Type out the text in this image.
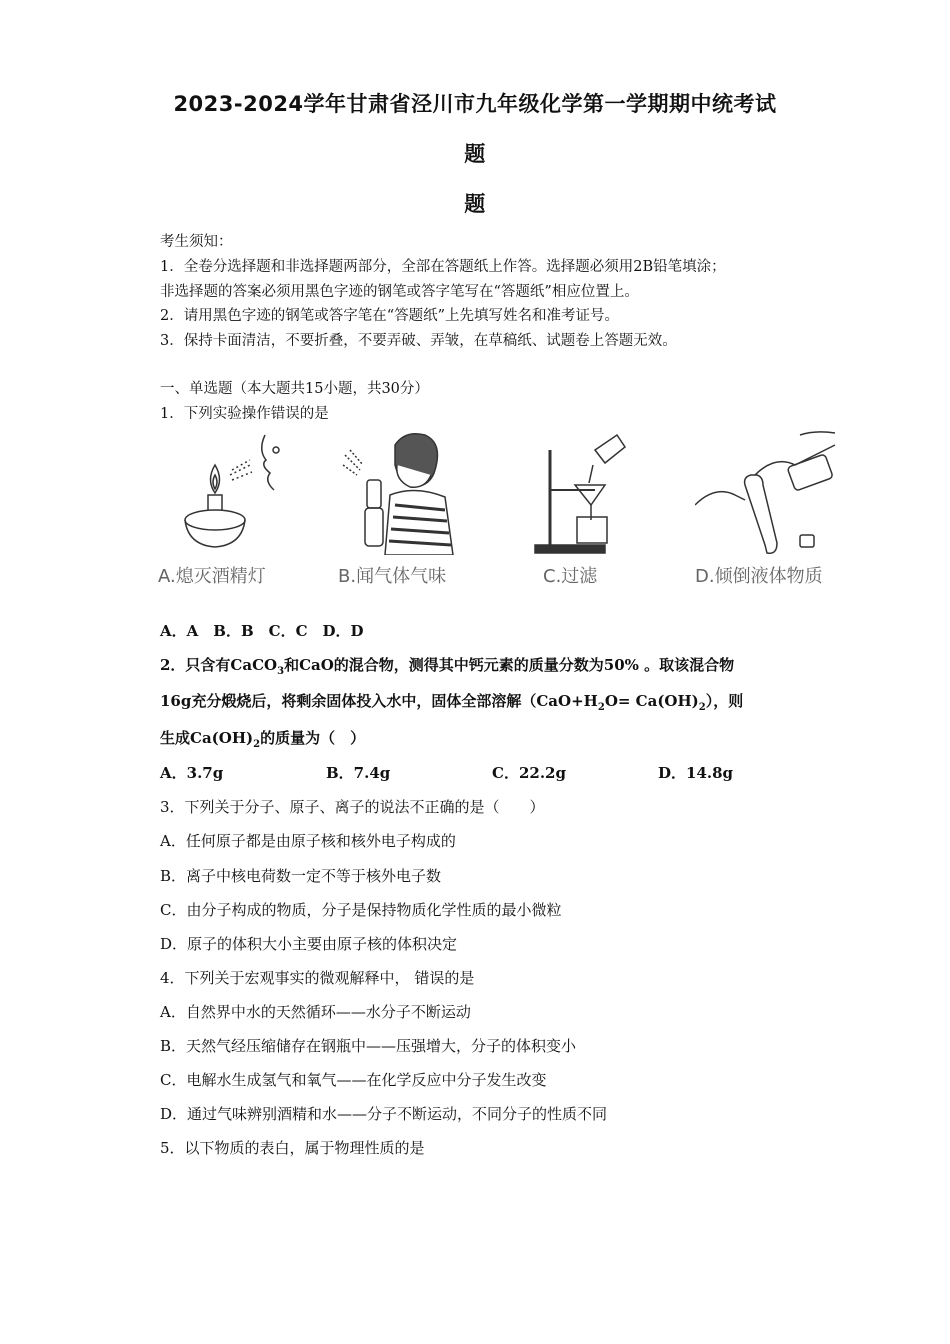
2023-2024学年甘肃省泾川市九年级化学第一学期期中统考试
题
题
考生须知：
1．全卷分选择题和非选择题两部分，全部在答题纸上作答。选择题必须用2B铅笔填涂；
非选择题的答案必须用黑色字迹的钢笔或答字笔写在“答题纸”相应位置上。
2．请用黑色字迹的钢笔或答字笔在“答题纸”上先填写姓名和准考证号。
3．保持卡面清洁，不要折叠，不要弄破、弄皱，在草稿纸、试题卷上答题无效。
一、单选题（本大题共15小题，共30分）
1．下列实验操作错误的是
A.熄灭酒精灯	B.闻气体气味	C.过滤	D.倾倒液体物质
A．A　B．B　C．C　D．D
2．只含有CaCO$_3$和CaO的混合物，测得其中钙元素的质量分数为50% 。取该混合物
16g充分煅烧后，将剩余固体投入水中，固体全部溶解$(CaO+H_2O= Ca(OH)_2)$，则
生成$Ca(OH)_2$的质量为（　）
A．3.7g	B．7.4g	C．22.2g	D．14.8g
3．下列关于分子、原子、离子的说法不正确的是（　　）
A．任何原子都是由原子核和核外电子构成的
B．离子中核电荷数一定不等于核外电子数
C．由分子构成的物质，分子是保持物质化学性质的最小微粒
D．原子的体积大小主要由原子核的体积决定
4．下列关于宏观事实的微观解释中， 错误的是
A．自然界中水的天然循环——水分子不断运动
B．天然气经压缩储存在钢瓶中——压强增大，分子的体积变小
C．电解水生成氢气和氧气——在化学反应中分子发生改变
D．通过气味辨别酒精和水——分子不断运动，不同分子的性质不同
5．以下物质的表白，属于物理性质的是
